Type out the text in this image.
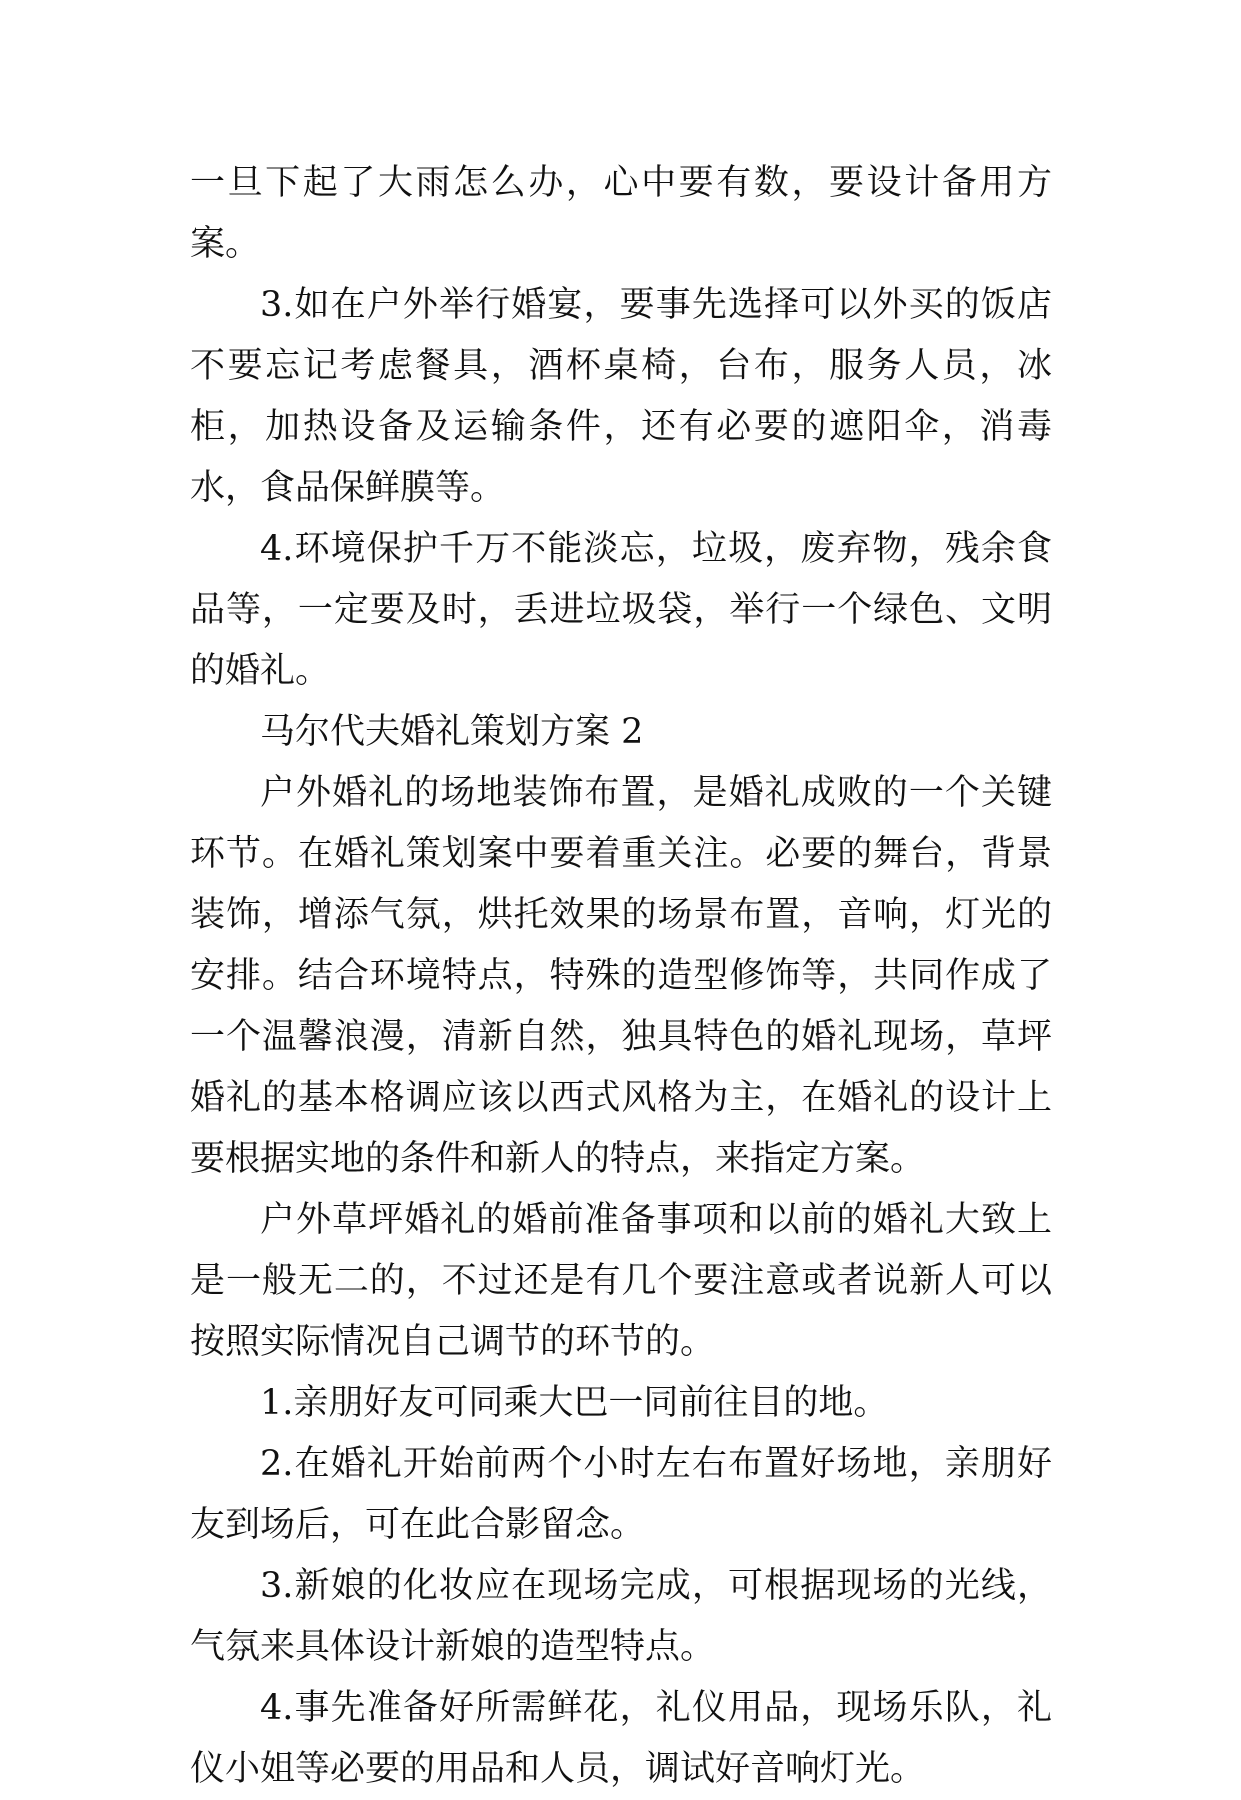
一旦下起了大雨怎么办，心中要有数，要设计备用方案。

3.如在户外举行婚宴，要事先选择可以外买的饭店不要忘记考虑餐具，酒杯桌椅，台布，服务人员，冰柜，加热设备及运输条件，还有必要的遮阳伞，消毒水，食品保鲜膜等。

4.环境保护千万不能淡忘，垃圾，废弃物，残余食品等，一定要及时，丢进垃圾袋，举行一个绿色、文明的婚礼。

马尔代夫婚礼策划方案 2

户外婚礼的场地装饰布置，是婚礼成败的一个关键环节。在婚礼策划案中要着重关注。必要的舞台，背景装饰，增添气氛，烘托效果的场景布置，音响，灯光的安排。结合环境特点，特殊的造型修饰等，共同作成了一个温馨浪漫，清新自然，独具特色的婚礼现场，草坪婚礼的基本格调应该以西式风格为主，在婚礼的设计上要根据实地的条件和新人的特点，来指定方案。

户外草坪婚礼的婚前准备事项和以前的婚礼大致上是一般无二的，不过还是有几个要注意或者说新人可以按照实际情况自己调节的环节的。

1.亲朋好友可同乘大巴一同前往目的地。

2.在婚礼开始前两个小时左右布置好场地，亲朋好友到场后，可在此合影留念。

3.新娘的化妆应在现场完成，可根据现场的光线，气氛来具体设计新娘的造型特点。

4.事先准备好所需鲜花，礼仪用品，现场乐队，礼仪小姐等必要的用品和人员，调试好音响灯光。
